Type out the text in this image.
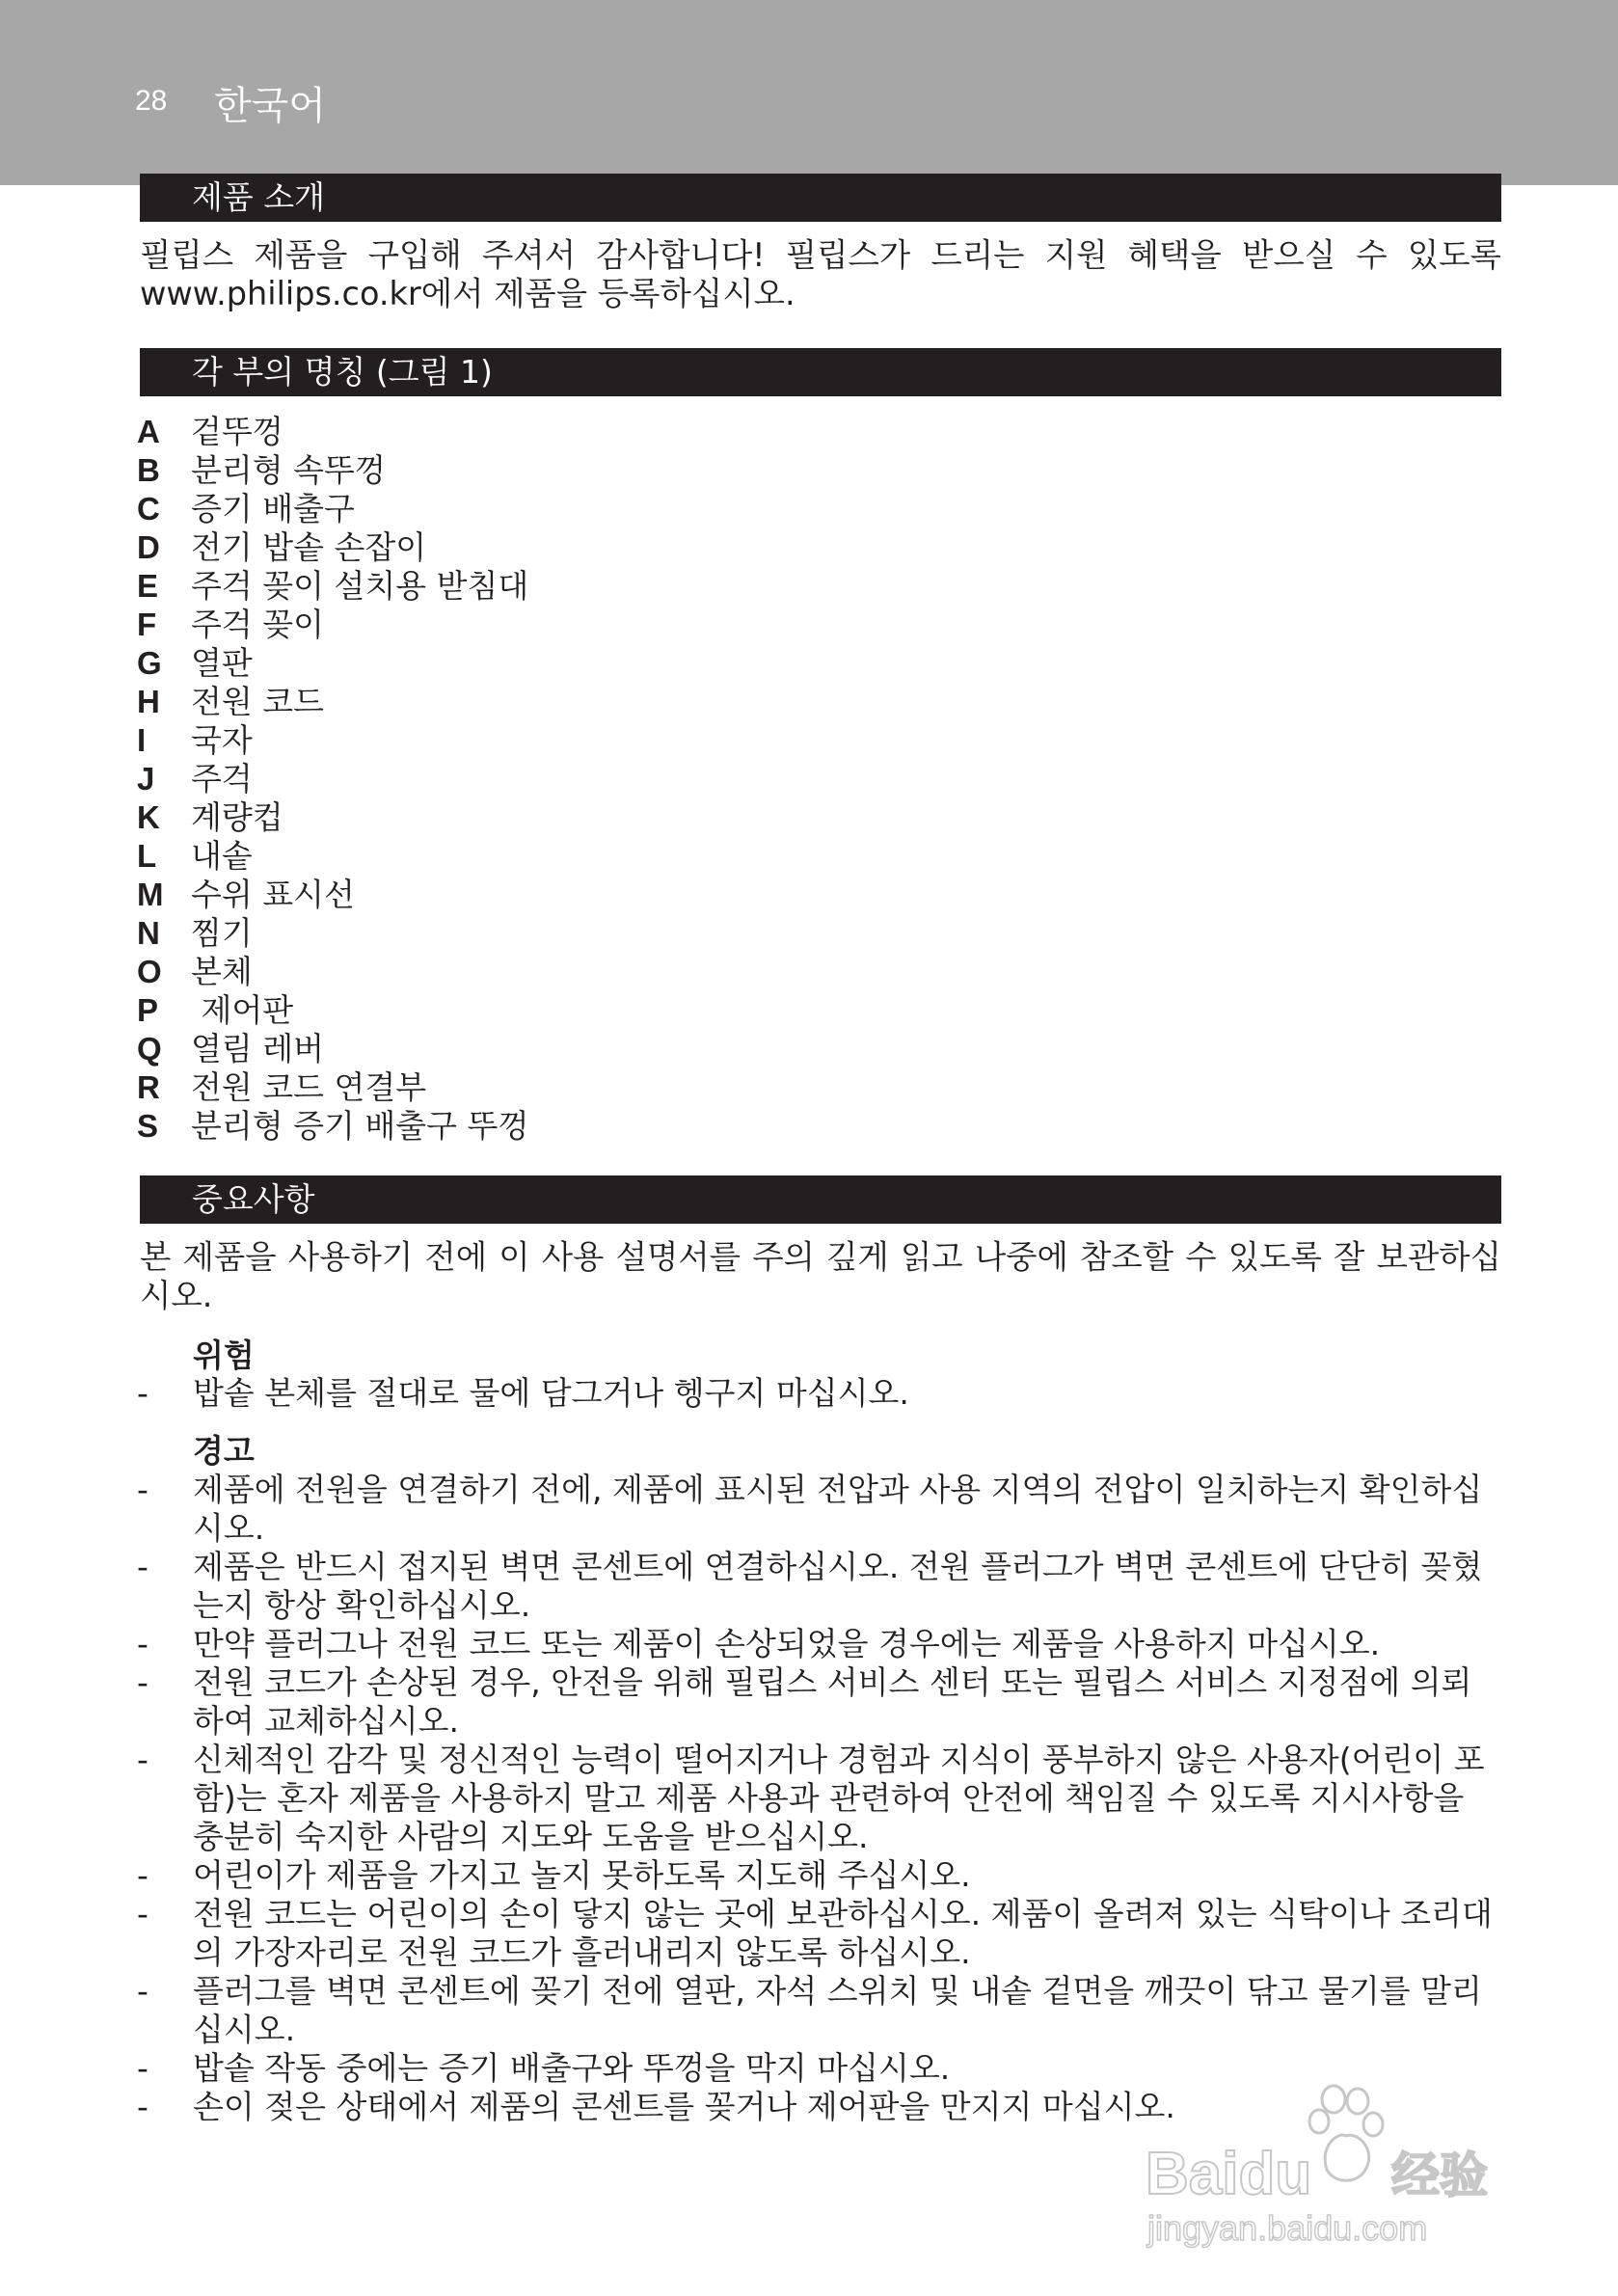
28 한국어
제품 소개
필립스 제품을 구입해 주셔서 감사합니다! 필립스가 드리는 지원 혜택을 받으실 수 있도록 www.philips.co.kr에서 제품을 등록하십시오.
각 부의 명칭 (그림 1)
A 겉뚜껑
B 분리형 속뚜껑
C 증기 배출구
D 전기 밥솥 손잡이
E 주걱 꽂이 설치용 받침대
F 주걱 꽂이
G 열판
H 전원 코드
I 국자
J 주걱
K 계량컵
L 내솥
M 수위 표시선
N 찜기
O 본체
P 제어판
Q 열림 레버
R 전원 코드 연결부
S 분리형 증기 배출구 뚜껑
중요사항
본 제품을 사용하기 전에 이 사용 설명서를 주의 깊게 읽고 나중에 참조할 수 있도록 잘 보관하십시오.
위험
- 밥솥 본체를 절대로 물에 담그거나 헹구지 마십시오.
경고
- 제품에 전원을 연결하기 전에, 제품에 표시된 전압과 사용 지역의 전압이 일치하는지 확인하십시오.
- 제품은 반드시 접지된 벽면 콘센트에 연결하십시오. 전원 플러그가 벽면 콘센트에 단단히 꽂혔는지 항상 확인하십시오.
- 만약 플러그나 전원 코드 또는 제품이 손상되었을 경우에는 제품을 사용하지 마십시오.
- 전원 코드가 손상된 경우, 안전을 위해 필립스 서비스 센터 또는 필립스 서비스 지정점에 의뢰하여 교체하십시오.
- 신체적인 감각 및 정신적인 능력이 떨어지거나 경험과 지식이 풍부하지 않은 사용자(어린이 포함)는 혼자 제품을 사용하지 말고 제품 사용과 관련하여 안전에 책임질 수 있도록 지시사항을 충분히 숙지한 사람의 지도와 도움을 받으십시오.
- 어린이가 제품을 가지고 놀지 못하도록 지도해 주십시오.
- 전원 코드는 어린이의 손이 닿지 않는 곳에 보관하십시오. 제품이 올려져 있는 식탁이나 조리대의 가장자리로 전원 코드가 흘러내리지 않도록 하십시오.
- 플러그를 벽면 콘센트에 꽂기 전에 열판, 자석 스위치 및 내솥 겉면을 깨끗이 닦고 물기를 말리십시오.
- 밥솥 작동 중에는 증기 배출구와 뚜껑을 막지 마십시오.
- 손이 젖은 상태에서 제품의 콘센트를 꽂거나 제어판을 만지지 마십시오.
Baidu 经验
jingyan.baidu.com
